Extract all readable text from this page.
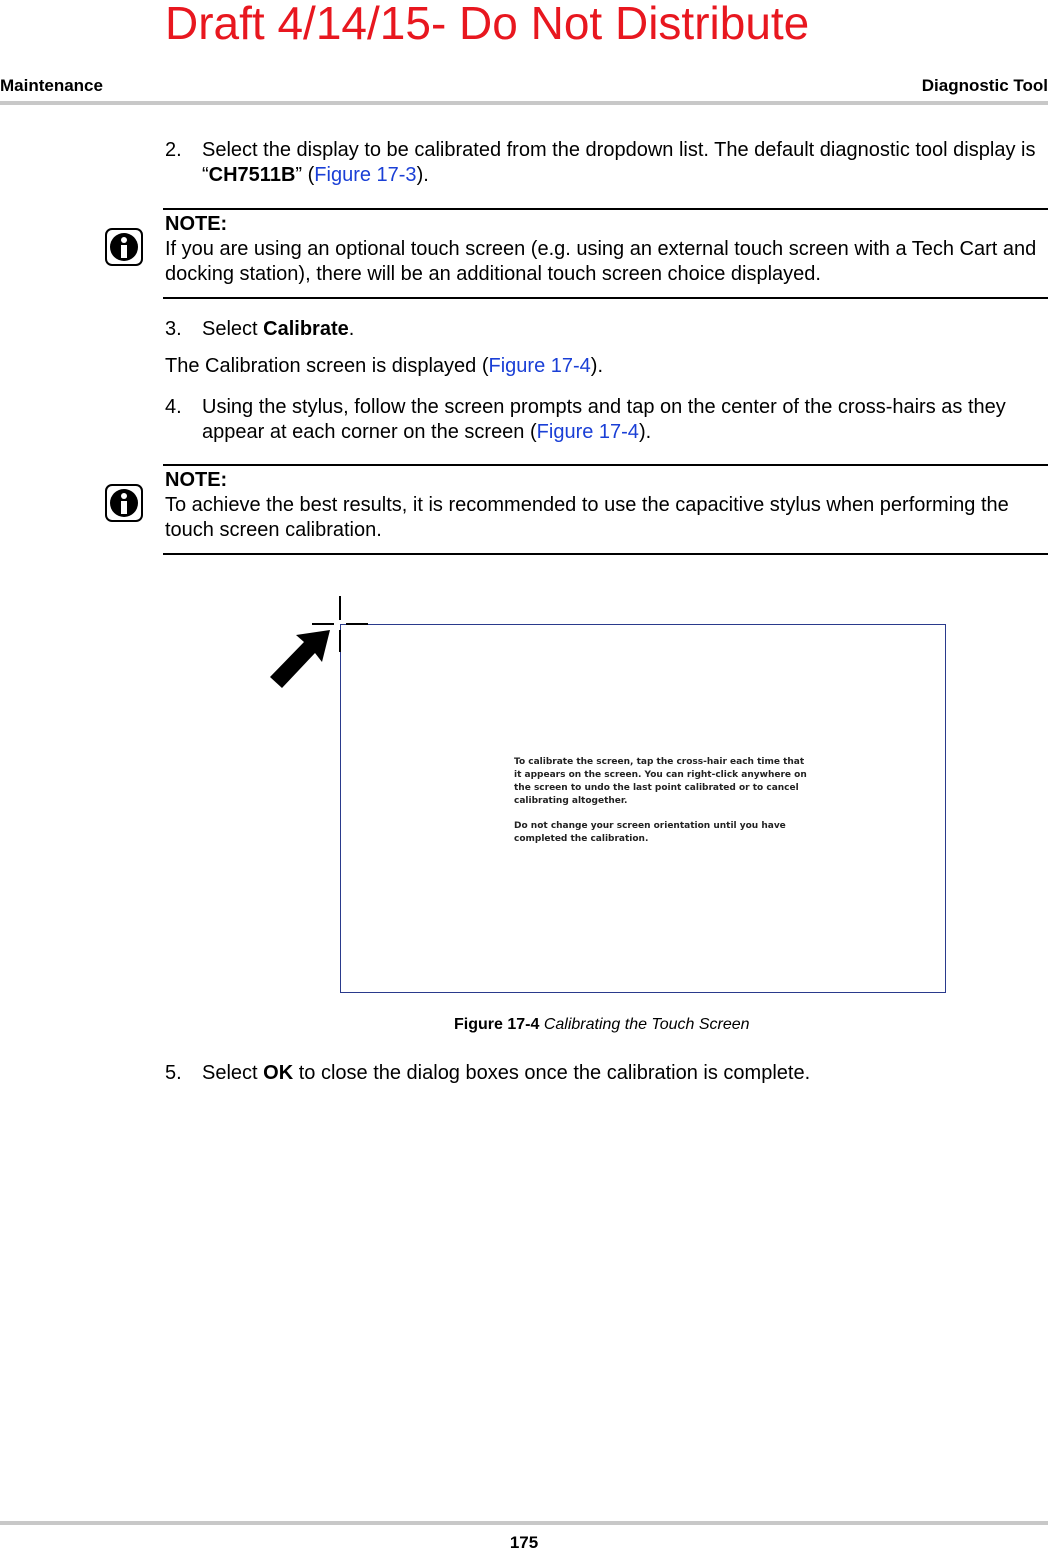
Draft 4/14/15- Do Not Distribute
Maintenance	Diagnostic Tool
2. Select the display to be calibrated from the dropdown list. The default diagnostic tool display is “CH7511B” (Figure 17-3).
NOTE:
If you are using an optional touch screen (e.g. using an external touch screen with a Tech Cart and docking station), there will be an additional touch screen choice displayed.
3. Select Calibrate.
The Calibration screen is displayed (Figure 17-4).
4. Using the stylus, follow the screen prompts and tap on the center of the cross-hairs as they appear at each corner on the screen (Figure 17-4).
NOTE:
To achieve the best results, it is recommended to use the capacitive stylus when performing the touch screen calibration.

To calibrate the screen, tap the cross-hair each time that it appears on the screen. You can right-click anywhere on the screen to undo the last point calibrated or to cancel calibrating altogether.

Do not change your screen orientation until you have completed the calibration.

Figure 17-4 Calibrating the Touch Screen
5. Select OK to close the dialog boxes once the calibration is complete.
175
